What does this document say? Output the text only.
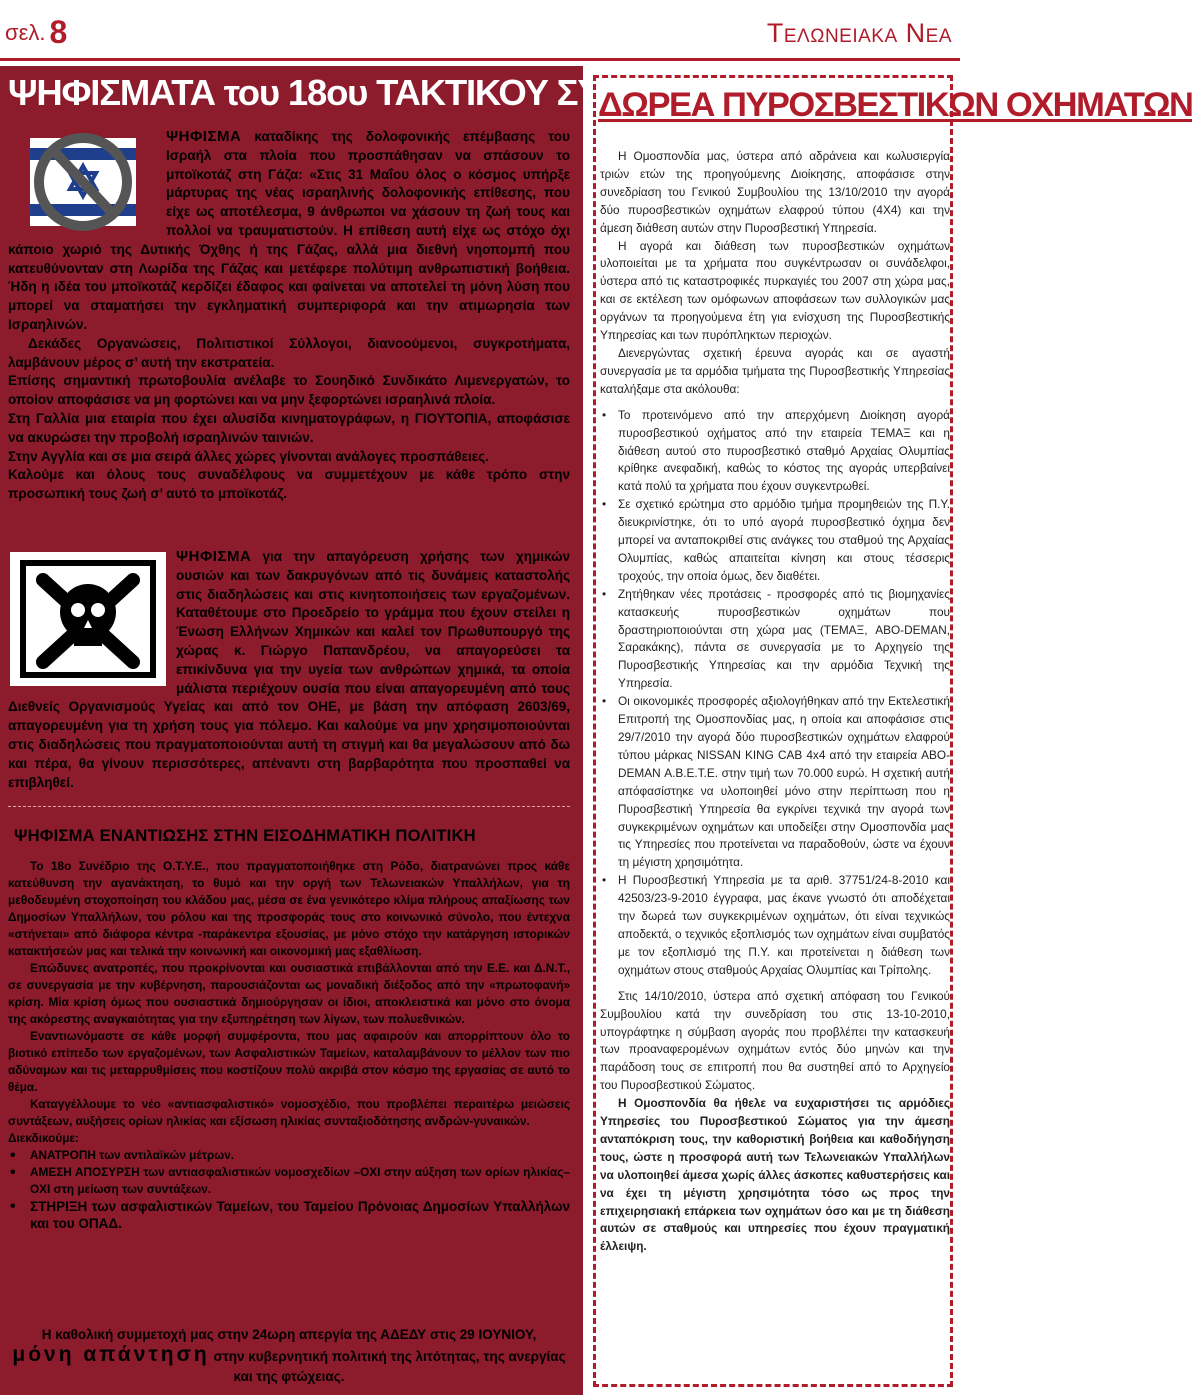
σελ. 8	Τελωνειακα Νεα
ΨΗΦΙΣΜΑΤΑ του 18ου ΤΑΚΤΙΚΟΥ ΣΥΝΕΔΡΙΟΥ

ΨΗΦΙΣΜΑ καταδίκης της δολοφονικής επέμβασης του Ισραήλ στα πλοία που προσπάθησαν να σπάσουν το μποϊκοτάζ στη Γάζα: «Στις 31 Μαΐου όλος ο κόσμος υπήρξε μάρτυρας της νέας ισραηλινής δολοφονικής επίθεσης, που είχε ως αποτέλεσμα, 9 άνθρωποι να χάσουν τη ζωή τους και πολλοί να τραυματιστούν. Η επίθεση αυτή είχε ως στόχο όχι κάποιο χωριό της Δυτικής Όχθης ή της Γάζας, αλλά μια διεθνή νηοπομπή που κατευθύνονταν στη Λωρίδα της Γάζας και μετέφερε πολύτιμη ανθρωπιστική βοήθεια. Ήδη η ιδέα του μποϊκοτάζ κερδίζει έδαφος και φαίνεται να αποτελεί τη μόνη λύση που μπορεί να σταματήσει την εγκληματική συμπεριφορά και την ατιμωρησία των Ισραηλινών.

Δεκάδες Οργανώσεις, Πολιτιστικοί Σύλλογοι, διανοούμενοι, συγκροτήματα, λαμβάνουν μέρος σ’ αυτή την εκστρατεία.

Επίσης σημαντική πρωτοβουλία ανέλαβε το Σουηδικό Συνδικάτο Λιμενεργατών, το οποίον αποφάσισε να μη φορτώνει και να μην ξεφορτώνει ισραηλινά πλοία.

Στη Γαλλία μια εταιρία που έχει αλυσίδα κινηματογράφων, η ΓΙΟΥΤΟΠΙΑ, αποφάσισε να ακυρώσει την προβολή ισραηλινών ταινιών.

Στην Αγγλία και σε μια σειρά άλλες χώρες γίνονται ανάλογες προσπάθειες.

Καλούμε και όλους τους συναδέλφους να συμμετέχουν με κάθε τρόπο στην προσωπική τους ζωή σ’ αυτό το μποϊκοτάζ.

ΨΗΦΙΣΜΑ για την απαγόρευση χρήσης των χημικών ουσιών και των δακρυγόνων από τις δυνάμεις καταστολής στις διαδηλώσεις και στις κινητοποιήσεις των εργαζομένων. Καταθέτουμε στο Προεδρείο το γράμμα που έχουν στείλει η Ένωση Ελλήνων Χημικών και καλεί τον Πρωθυπουργό της χώρας κ. Γιώργο Παπανδρέου, να απαγορεύσει τα επικίνδυνα για την υγεία των ανθρώπων χημικά, τα οποία μάλιστα περιέχουν ουσία που είναι απαγορευμένη από τους Διεθνείς Οργανισμούς Υγείας και από τον ΟΗΕ, με βάση την απόφαση 2603/69, απαγορευμένη για τη χρήση τους για πόλεμο. Και καλούμε να μην χρησιμοποιούνται στις διαδηλώσεις που πραγματοποιούνται αυτή τη στιγμή και θα μεγαλώσουν από δω και πέρα, θα γίνουν περισσότερες, απέναντι στη βαρβαρότητα που προσπαθεί να επιβληθεί.

ΨΗΦΙΣΜΑ ΕΝΑΝΤΙΩΣΗΣ ΣΤΗΝ ΕΙΣΟΔΗΜΑΤΙΚΗ ΠΟΛΙΤΙΚΗ

Το 18ο Συνέδριο της Ο.Τ.Υ.Ε., που πραγματοποιήθηκε στη Ρόδο, διατρανώνει προς κάθε κατεύθυνση την αγανάκτηση, το θυμό και την οργή των Τελωνειακών Υπαλλήλων, για τη μεθοδευμένη στοχοποίηση του κλάδου μας, μέσα σε ένα γενικότερο κλίμα πλήρους απαξίωσης των Δημοσίων Υπαλλήλων, του ρόλου και της προσφοράς τους στο κοινωνικό σύνολο, που έντεχνα «στήνεται» από διάφορα κέντρα -παράκεντρα εξουσίας, με μόνο στόχο την κατάργηση ιστορικών κατακτήσεών μας και τελικά την κοινωνική και οικονομική μας εξαθλίωση.

Επώδυνες ανατροπές, που προκρίνονται και ουσιαστικά επιβάλλονται από την Ε.Ε. και Δ.Ν.Τ., σε συνεργασία με την κυβέρνηση, παρουσιάζονται ως μοναδική διέξοδος από την «πρωτοφανή» κρίση. Μία κρίση όμως που ουσιαστικά δημιούργησαν οι ίδιοι, αποκλειστικά και μόνο στο όνομα της ακόρεστης αναγκαιότητας για την εξυπηρέτηση των λίγων, των πολυεθνικών.

Εναντιωνόμαστε σε κάθε μορφή συμφέροντα, που μας αφαιρούν και απορρίπτουν όλο το βιοτικό επίπεδο των εργαζομένων, των Ασφαλιστικών Ταμείων, καταλαμβάνουν το μέλλον των πιο αδύναμων και τις μεταρρυθμίσεις που κοστίζουν πολύ ακριβά στον κόσμο της εργασίας σε αυτό το θέμα.

Καταγγέλλουμε το νέο «αντιασφαλιστικό» νομοσχέδιο, που προβλέπει περαιτέρω μειώσεις συντάξεων, αυξήσεις ορίων ηλικίας και εξίσωση ηλικίας συνταξιοδότησης ανδρών-γυναικών.

Διεκδικούμε:

• ΑΝΑΤΡΟΠΗ των αντιλαϊκών μέτρων.
• ΑΜΕΣΗ ΑΠΟΣΥΡΣΗ των αντιασφαλιστικών νομοσχεδίων –ΟΧΙ στην αύξηση των ορίων ηλικίας– ΟΧΙ στη μείωση των συντάξεων.
• ΣΤΗΡΙΞΗ των ασφαλιστικών Ταμείων, του Ταμείου Πρόνοιας Δημοσίων Υπαλλήλων και του ΟΠΑΔ.
Η καθολική συμμετοχή μας στην 24ωρη απεργία της ΑΔΕΔΥ στις 29 ΙΟΥΝΙΟΥ,
μόνη απάντηση στην κυβερνητική πολιτική της λιτότητας, της ανεργίας και της φτώχειας.
ΔΩΡΕΑ ΠΥΡΟΣΒΕΣΤΙΚΩΝ ΟΧΗΜΑΤΩΝ

Η Ομοσπονδία μας, ύστερα από αδράνεια και κωλυσιεργία τριών ετών της προηγούμενης Διοίκησης, αποφάσισε στην συνεδρίαση του Γενικού Συμβουλίου της 13/10/2010 την αγορά δύο πυροσβεστικών οχημάτων ελαφρού τύπου (4Χ4) και την άμεση διάθεση αυτών στην Πυροσβεστική Υπηρεσία.

Η αγορά και διάθεση των πυροσβεστικών οχημάτων υλοποιείται με τα χρήματα που συγκέντρωσαν οι συνάδελφοι, ύστερα από τις καταστροφικές πυρκαγιές του 2007 στη χώρα μας, και σε εκτέλεση των ομόφωνων αποφάσεων των συλλογικών μας οργάνων τα προηγούμενα έτη για ενίσχυση της Πυροσβεστικής Υπηρεσίας και των πυρόπληκτων περιοχών.

Διενεργώντας σχετική έρευνα αγοράς και σε αγαστή συνεργασία με τα αρμόδια τμήματα της Πυροσβεστικής Υπηρεσίας καταλήξαμε στα ακόλουθα:

• Το προτεινόμενο από την απερχόμενη Διοίκηση αγορά πυροσβεστικού οχήματος από την εταιρεία ΤΕΜΑΞ και η διάθεση αυτού στο πυροσβεστικό σταθμό Αρχαίας Ολυμπίας κρίθηκε ανεφαδική, καθώς το κόστος της αγοράς υπερβαίνει κατά πολύ τα χρήματα που έχουν συγκεντρωθεί.
• Σε σχετικό ερώτημα στο αρμόδιο τμήμα προμηθειών της Π.Υ. διευκρινίστηκε, ότι το υπό αγορά πυροσβεστικό όχημα δεν μπορεί να ανταποκριθεί στις ανάγκες του σταθμού της Αρχαίας Ολυμπίας, καθώς απαιτείται κίνηση και στους τέσσερις τροχούς, την οποία όμως, δεν διαθέτει.
• Ζητήθηκαν νέες προτάσεις - προσφορές από τις βιομηχανίες κατασκευής πυροσβεστικών οχημάτων που δραστηριοποιούνται στη χώρα μας (ΤΕΜΑΞ, ABO-DEMAN, Σαρακάκης), πάντα σε συνεργασία με το Αρχηγείο της Πυροσβεστικής Υπηρεσίας και την αρμόδια Τεχνική της Υπηρεσία.
• Οι οικονομικές προσφορές αξιολογήθηκαν από την Εκτελεστική Επιτροπή της Ομοσπονδίας μας, η οποία και αποφάσισε στις 29/7/2010 την αγορά δύο πυροσβεστικών οχημάτων ελαφρού τύπου μάρκας NISSAN KING CAB 4x4 από την εταιρεία ABO-DEMAN Α.Β.Ε.Τ.Ε. στην τιμή των 70.000 ευρώ. Η σχετική αυτή απόφασίστηκε να υλοποιηθεί μόνο στην περίπτωση που η Πυροσβεστική Υπηρεσία θα εγκρίνει τεχνικά την αγορά των συγκεκριμένων οχημάτων και υποδείξει στην Ομοσπονδία μας τις Υπηρεσίες που προτείνεται να παραδοθούν, ώστε να έχουν τη μέγιστη χρησιμότητα.
• Η Πυροσβεστική Υπηρεσία με τα αριθ. 37751/24-8-2010 και 42503/23-9-2010 έγγραφα, μας έκανε γνωστό ότι αποδέχεται την δωρεά των συγκεκριμένων οχημάτων, ότι είναι τεχνικώς αποδεκτά, ο τεχνικός εξοπλισμός των οχημάτων είναι συμβατός με τον εξοπλισμό της Π.Υ. και προτείνεται η διάθεση των οχημάτων στους σταθμούς Αρχαίας Ολυμπίας και Τρίπολης.

Στις 14/10/2010, ύστερα από σχετική απόφαση του Γενικού Συμβουλίου κατά την συνεδρίαση του στις 13-10-2010, υπογράφτηκε η σύμβαση αγοράς που προβλέπει την κατασκευή των προαναφερομένων οχημάτων εντός δύο μηνών και την παράδοση τους σε επιτροπή που θα συστηθεί από το Αρχηγείο του Πυροσβεστικού Σώματος.

Η Ομοσπονδία θα ήθελε να ευχαριστήσει τις αρμόδιες Υπηρεσίες του Πυροσβεστικού Σώματος για την άμεση ανταπόκριση τους, την καθοριστική βοήθεια και καθοδήγηση τους, ώστε η προσφορά αυτή των Τελωνειακών Υπαλλήλων να υλοποιηθεί άμεσα χωρίς άλλες άσκοπες καθυστερήσεις και να έχει τη μέγιστη χρησιμότητα τόσο ως προς την επιχειρησιακή επάρκεια των οχημάτων όσο και με τη διάθεση αυτών σε σταθμούς και υπηρεσίες που έχουν πραγματική έλλειψη.
